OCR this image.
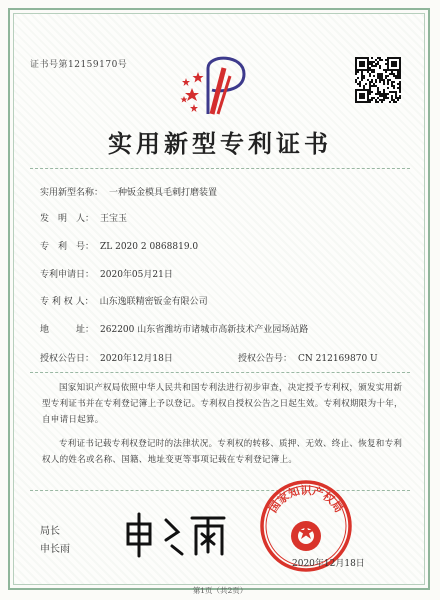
证书号第12159170号
实用新型专利证书
实用新型名称： 一种钣金模具毛刺打磨装置
发　明　人： 王宝玉
专　利　号： ZL 2020 2 0868819.0
专利申请日： 2020年05月21日
专 利 权 人： 山东逸联精密钣金有限公司
地　　　址： 262200 山东省潍坊市诸城市高新技术产业园场站路
授权公告日： 2020年12月18日	授权公告号： CN 212169870 U
国家知识产权局依照中华人民共和国专利法进行初步审查，决定授予专利权，颁发实用新型专利证书并在专利登记簿上予以登记。专利权自授权公告之日起生效。专利权期限为十年，自申请日起算。
专利证书记载专利权登记时的法律状况。专利权的转移、质押、无效、终止、恢复和专利权人的姓名或名称、国籍、地址变更等事项记载在专利登记簿上。
局长
申长雨
国家知识产权局
2020年12月18日
第1页（共2页）
